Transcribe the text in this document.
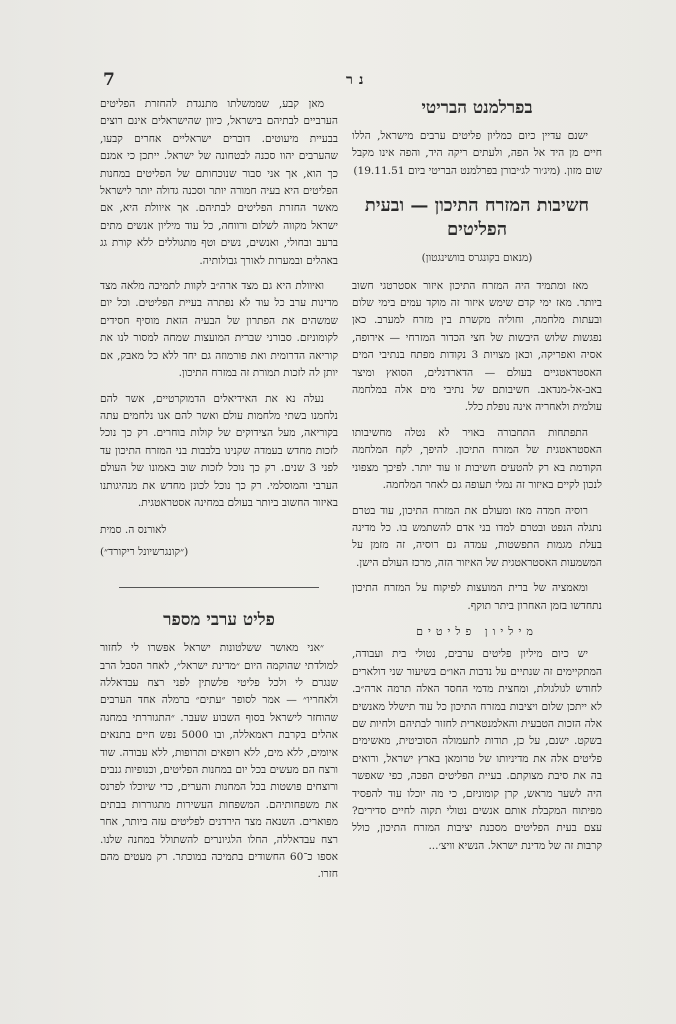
7	נר
בפרלמנט הבריטי

ישנם עדיין כיום כמליון פליטים ערבים מישראל, הללו חיים מן היד אל הפה, ולעתים ריקה היד, והפה אינו מקבל שום מזון. (מיג׳ור לג׳יבורן בפרלמנט הבריטי ביום 19.11.51)

חשיבות המזרח התיכון — ובעית הפליטים
(מנאום בקונגרס בוושינגטון)

מאז ומתמיד היה המזרח התיכון איזור אסטרטגי חשוב ביותר. מאז ימי קדם שימש איזור זה מוקד עמים בימי שלום ובעתות מלחמה, וחוליה מקשרת בין מזרח למערב. כאן נפגשות שלוש היבשות של חצי הכדור המזרחי — אירופה, אסיה ואפריקה, וכאן מצויות 3 נקודות מפתח בנתיבי המים האסטראטגיים בעולם — הדארדנלים, הסואץ ומיצר באב-אל-מנדאב. חשיבותם של נתיבי מים אלה במלחמה עולמית ולאחריה אינה נופלת כלל.

התפתחות התחבורה באויר לא נטלה מחשיבותו האסטראטגית של המזרח התיכון. להיפך, לקח המלחמה הקודמת בא רק להטעים חשיבות זו עוד יותר. לפיכך מצפוני לנכון לקיים באיזור זה נמלי תעופה גם לאחר המלחמה.

רוסיה חמדה מאז ומעולם את המזרח התיכון, עוד בטרם נתגלה הנפט ובטרם למדו בני אדם להשתמש בו. כל מדינה בעלת מגמות התפשטות, עמדה גם רוסיה, זה מזמן על המשמעות האסטראטגית של האיזור הזה, מרכז העולם הישן.

ומאמציה של ברית המועצות לפיקוח על המזרח התיכון נתחדשו בזמן האחרון ביתר תוקף.

מיליון פליטים

יש כיום מיליון פליטים ערבים, נטולי בית ועבודה, המתקיימים זה שנתיים על נדבות האו״ם בשיעור שני דולארים לחודש לגולגולת, ומחצית מדמי החסד האלה תרמה ארה״ב. לא ייתכן שלום ויציבות במזרח התיכון כל עוד תישלל מאנשים אלה הזכות הטבעית והאלמנטארית לחזור לבתיהם ולחיות שם בשקט. ישנם, על כן, תודות לתעמולה הסוביטית, מאשימים פליטים אלה את מדיניותו של טרומאן בארץ ישראל, ורואים בה את סיבת מצוקתם. בעיית הפליטים הפכה, כפי שאפשר היה לשער מראש, קרן קומוניזם, כי מה יוכלו עוד להפסיד מפיתוח המקבלת אותם אנשים נטולי תקוה לחיים סדירים? עצם בעית הפליטים מסכנת יציבות המזרח התיכון, כולל קרבות זה של מדינת ישראל. הנשיא וויצ׳...

מאן קבע, שממשלתו מתנגדת להחזרת הפליטים הערביים לבתיהם בישראל, כיוון שהישראלים אינם רוצים בבעיית מיעוטים. דוברים ישראליים אחרים קבעו, שהערבים יהוו סכנה לבטחונה של ישראל. ייתכן כי אמנם כך הוא, אך אני סבור שנוכחותם של הפליטים במחנות הפליטים היא בעיה חמורה יותר וסכנה גדולה יותר לישראל מאשר החזרת הפליטים לבתיהם. אך איוולת היא, אם ישראל מקווה לשלום ורווחה, כל עוד מיליון אנשים מתים ברעב ובחולי, ואנשים, נשים וטף מתגוללים ללא קורת גג באהלים ובמערות לאורך גבולותיה.

ואיוולת היא גם מצד ארה״ב לקוות לתמיכה מלאה מצד מדינות ערב כל עוד לא נפתרה בעיית הפליטים. וכל יום שמשהים את הפתרון של הבעיה הזאת מוסיף חסידים לקומוניזם. סבורני שברית המועצות שמחה למסור לנו את קוריאה הדרומית ואת פורמוזה גם יחד ללא כל מאבק, אם יותן לה לזכות תמורת זה במזרח התיכון.

נעלה נא את האידיאלים הדמוקרטיים, אשר להם נלחמנו בשתי מלחמות עולם ואשר להם אנו נלחמים עתה בקוריאה, מעל הצידוקים של קולות בוחרים. רק כך נוכל לזכות מחדש בעמדה שקנינו בלבבות בני המזרח התיכון עד לפני 3 שנים. רק כך נוכל לזכות שוב באמונו של העולם הערבי והמוסלמי. רק כך נוכל לכונן מחדש את מנהיגותנו באיזור החשוב ביותר בעולם במחינה אסטראטגית.

לאורנס ה. סמית
(״קונגרשיונל ריקורד״)
פליט ערבי מספר

״אני מאושר ששלטונות ישראל אפשרו לי לחזור למולדתי שהוקמה היום ״מדינת ישראל״, לאחר הסבל הרב שנגרם לי ולכל פליטי פלשתין לפני רצח עבדאללה ולאחריו״ — אמר לסופר ״עתים״ ברמלה אחד הערבים שהוחזר לישראל בסוף השבוע שעבר. ״התגוררתי במחנה אהלים בקרבת ראמאללה, ובו 5000 נפש חיים בתנאים איומים, ללא מים, ללא רופאים ותרופות, ללא עבודה. שוד ורצח הם מעשים בכל יום במחנות הפליטים, וכנופיות גנבים ורוצחים פושטות בכל המחנות והערים, כדי שיוכלו לפרנס את משפחותיהם. המשפחות העשירות מתגוררות בבתים מפוארים. השנאה מצד הירדנים לפליטים עזה ביותר, אחר רצח עבדאללה, החלו הלגיונרים להשתולל במחנה שלנו. אספו כ־60 החשודים בתמיכה במוכתר. רק מעטים מהם חזרו.
